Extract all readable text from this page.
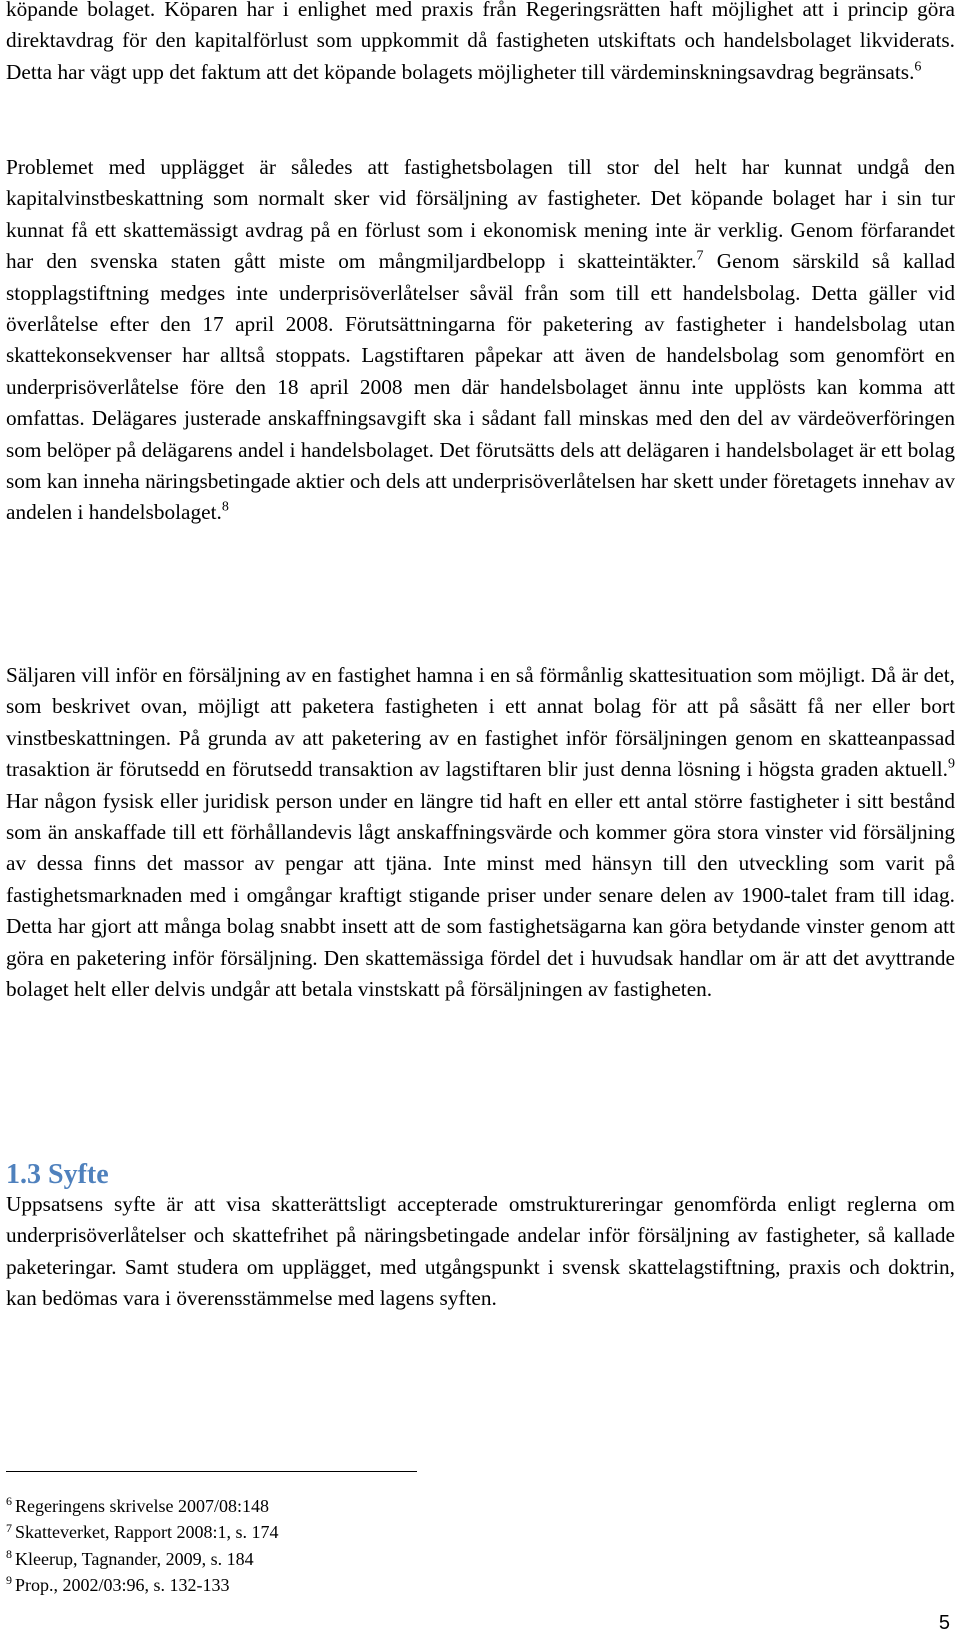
köpande bolaget. Köparen har i enlighet med praxis från Regeringsrätten haft möjlighet att i princip göra direktavdrag för den kapitalförlust som uppkommit då fastigheten utskiftats och handelsbolaget likviderats. Detta har vägt upp det faktum att det köpande bolagets möjligheter till värdeminskningsavdrag begränsats.$^6$

Problemet med upplägget är således att fastighetsbolagen till stor del helt har kunnat undgå den kapitalvinstbeskattning som normalt sker vid försäljning av fastigheter. Det köpande bolaget har i sin tur kunnat få ett skattemässigt avdrag på en förlust som i ekonomisk mening inte är verklig. Genom förfarandet har den svenska staten gått miste om mångmiljardbelopp i skatteintäkter.$^7$ Genom särskild så kallad stopplagstiftning medges inte underprisöverlåtelser såväl från som till ett handelsbolag. Detta gäller vid överlåtelse efter den 17 april 2008. Förutsättningarna för paketering av fastigheter i handelsbolag utan skattekonsekvenser har alltså stoppats. Lagstiftaren påpekar att även de handelsbolag som genomfört en underprisöverlåtelse före den 18 april 2008 men där handelsbolaget ännu inte upplösts kan komma att omfattas. Delägares justerade anskaffningsavgift ska i sådant fall minskas med den del av värdeöverföringen som belöper på delägarens andel i handelsbolaget. Det förutsätts dels att delägaren i handelsbolaget är ett bolag som kan inneha näringsbetingade aktier och dels att underprisöverlåtelsen har skett under företagets innehav av andelen i handelsbolaget.$^8$

Säljaren vill inför en försäljning av en fastighet hamna i en så förmånlig skattesituation som möjligt. Då är det, som beskrivet ovan, möjligt att paketera fastigheten i ett annat bolag för att på såsätt få ner eller bort vinstbeskattningen. På grunda av att paketering av en fastighet inför försäljningen genom en skatteanpassad trasaktion är förutsedd en förutsedd transaktion av lagstiftaren blir just denna lösning i högsta graden aktuell.$^9$ Har någon fysisk eller juridisk person under en längre tid haft en eller ett antal större fastigheter i sitt bestånd som än anskaffade till ett förhållandevis lågt anskaffningsvärde och kommer göra stora vinster vid försäljning av dessa finns det massor av pengar att tjäna. Inte minst med hänsyn till den utveckling som varit på fastighetsmarknaden med i omgångar kraftigt stigande priser under senare delen av 1900-talet fram till idag. Detta har gjort att många bolag snabbt insett att de som fastighetsägarna kan göra betydande vinster genom att göra en paketering inför försäljning. Den skattemässiga fördel det i huvudsak handlar om är att det avyttrande bolaget helt eller delvis undgår att betala vinstskatt på försäljningen av fastigheten.

1.3 Syfte

Uppsatsens syfte är att visa skatterättsligt accepterade omstruktureringar genomförda enligt reglerna om underprisöverlåtelser och skattefrihet på näringsbetingade andelar inför försäljning av fastigheter, så kallade paketeringar. Samt studera om upplägget, med utgångspunkt i svensk skattelagstiftning, praxis och doktrin, kan bedömas vara i överensstämmelse med lagens syften.

$^6$ Regeringens skrivelse 2007/08:148

$^7$ Skatteverket, Rapport 2008:1, s. 174

$^8$ Kleerup, Tagnander, 2009, s. 184

$^9$ Prop., 2002/03:96, s. 132-133

5
